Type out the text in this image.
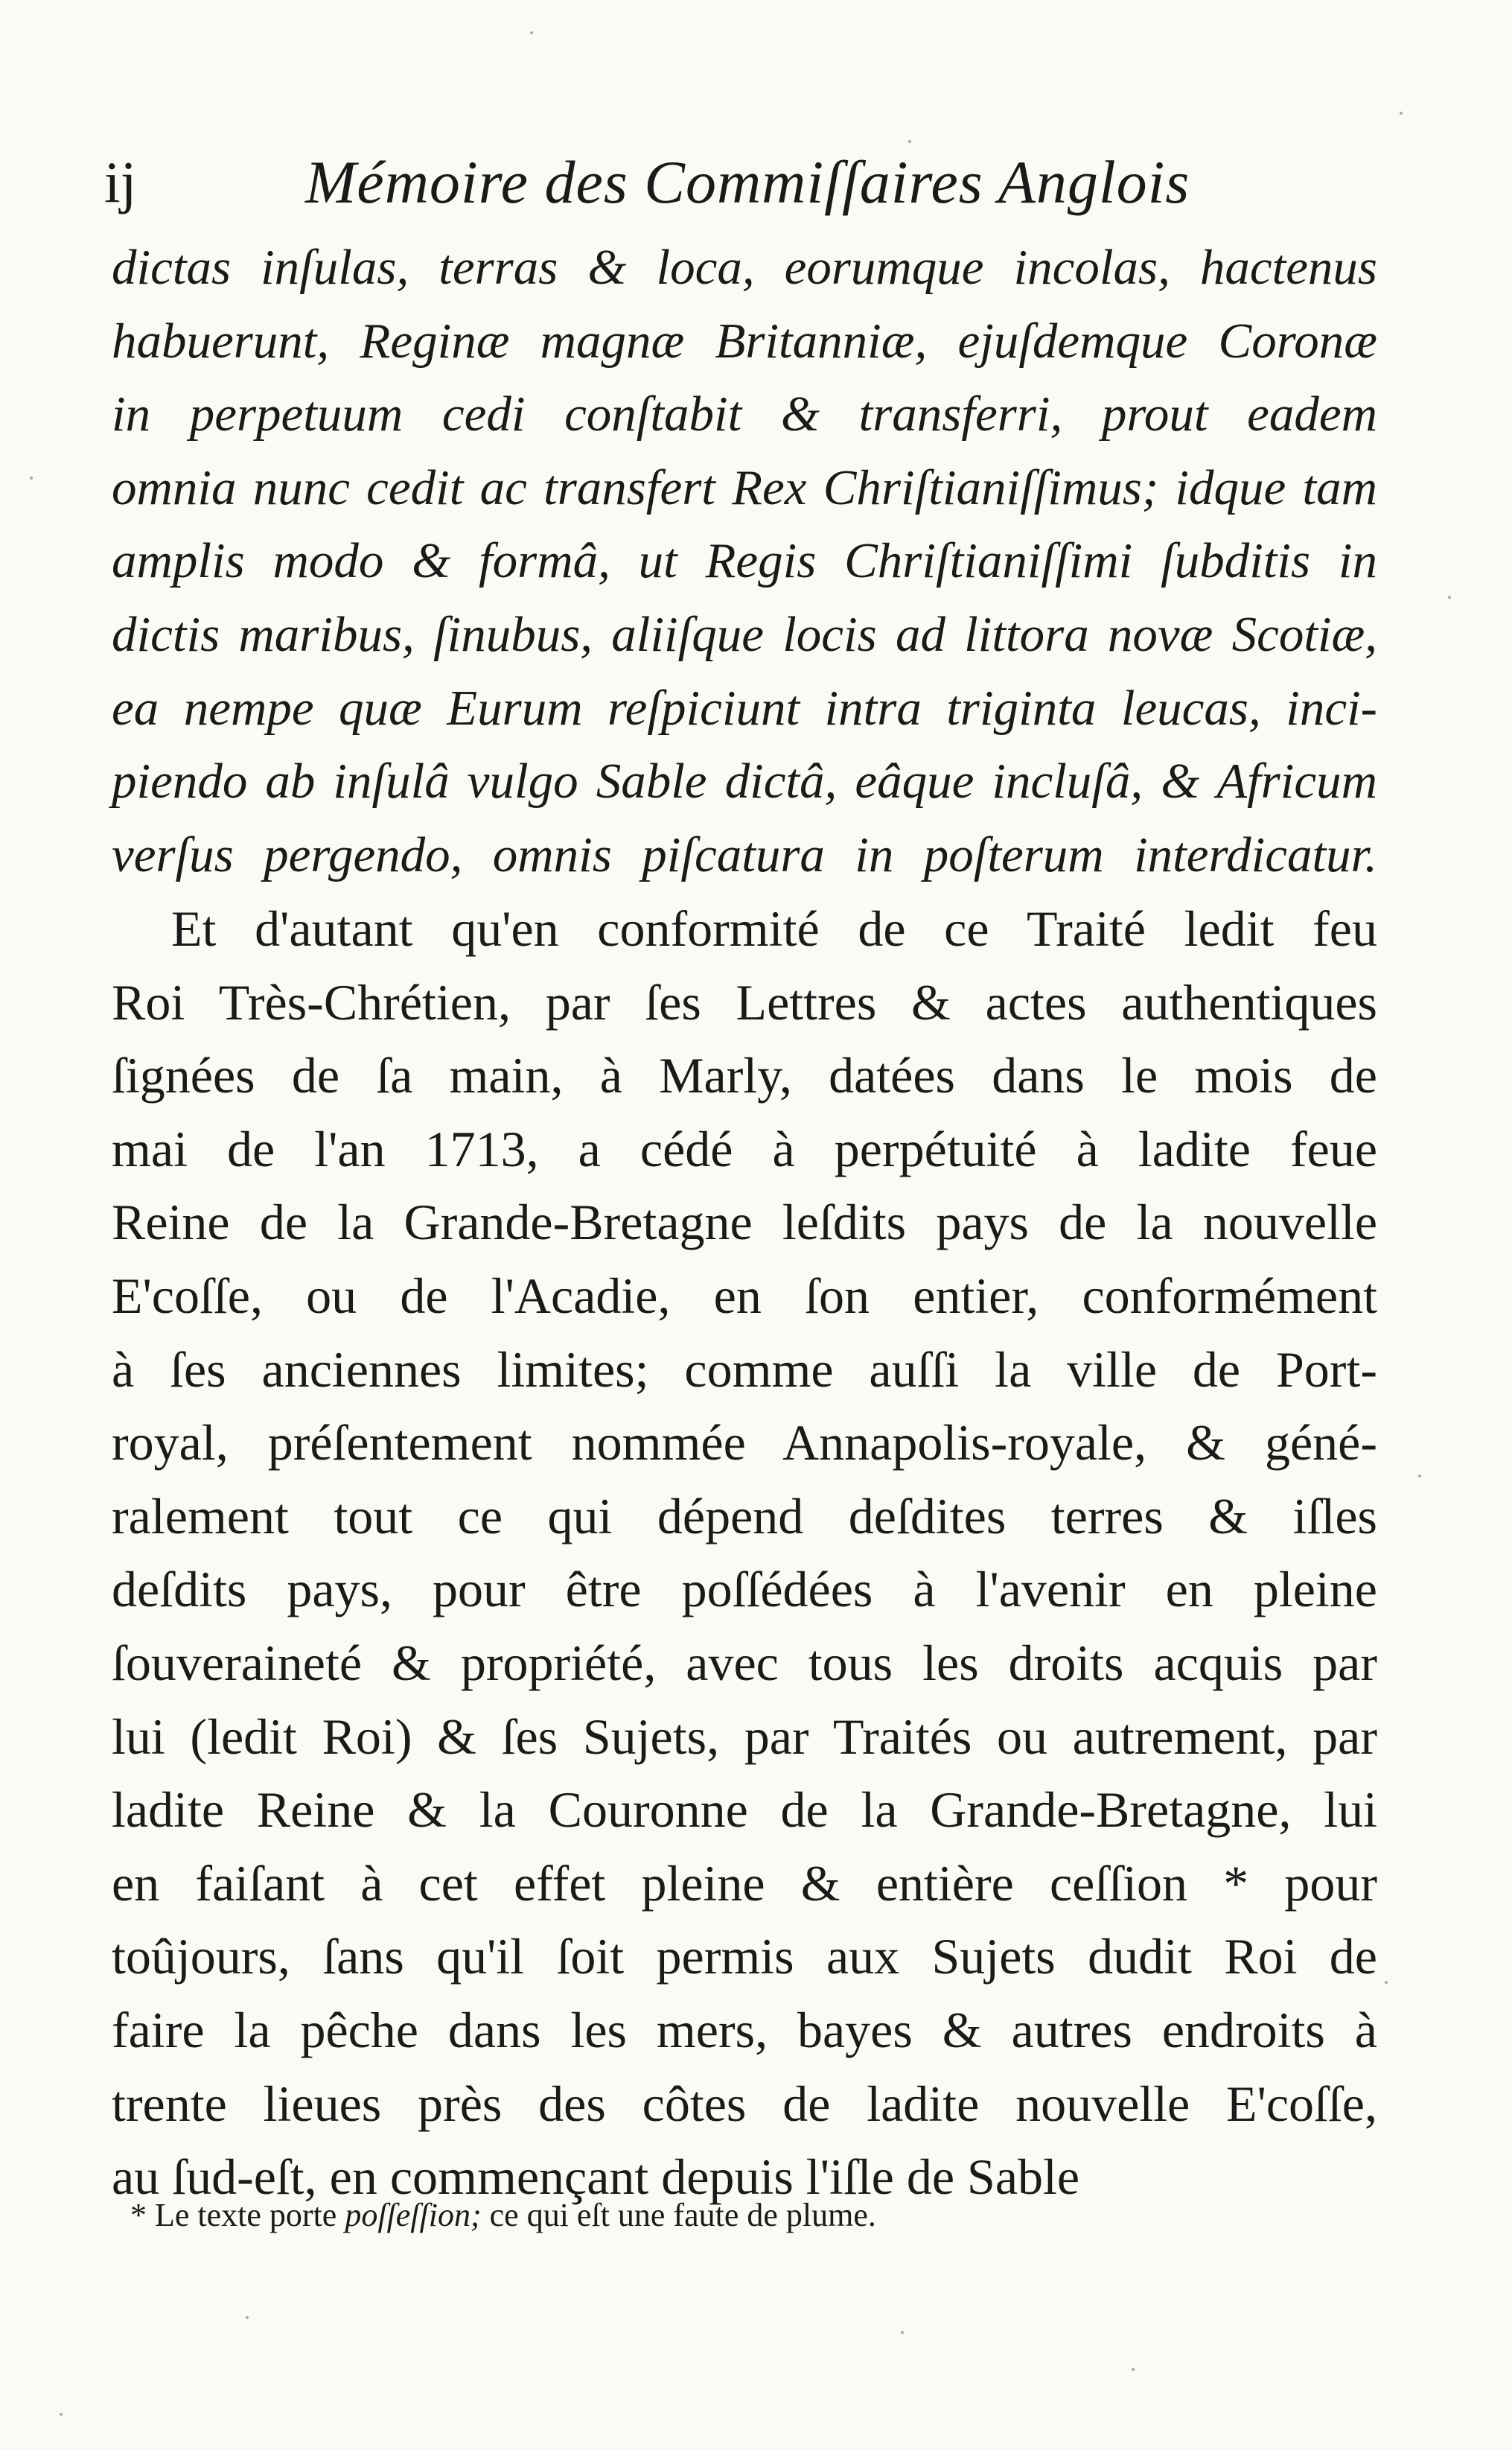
ij	Mémoire des Commiſſaires Anglois
dictas inſulas, terras & loca, eorumque incolas, hactenus
habuerunt, Reginæ magnæ Britanniæ, ejuſdemque Coronæ
in perpetuum cedi conſtabit & transferri, prout eadem
omnia nunc cedit ac transfert Rex Chriſtianiſſimus; idque tam
amplis modo & formâ, ut Regis Chriſtianiſſimi ſubditis in
dictis maribus, ſinubus, aliiſque locis ad littora novæ Scotiæ,
ea nempe quæ Eurum reſpiciunt intra triginta leucas, inci-
piendo ab inſulâ vulgo Sable dictâ, eâque incluſâ, & Africum
verſus pergendo, omnis piſcatura in poſterum interdicatur.
Et d'autant qu'en conformité de ce Traité ledit feu
Roi Très-Chrétien, par ſes Lettres & actes authentiques
ſignées de ſa main, à Marly, datées dans le mois de
mai de l'an 1713, a cédé à perpétuité à ladite feue
Reine de la Grande-Bretagne leſdits pays de la nouvelle
E'coſſe, ou de l'Acadie, en ſon entier, conformément
à ſes anciennes limites; comme auſſi la ville de Port-
royal, préſentement nommée Annapolis-royale, & géné-
ralement tout ce qui dépend deſdites terres & iſles
deſdits pays, pour être poſſédées à l'avenir en pleine
ſouveraineté & propriété, avec tous les droits acquis par
lui (ledit Roi) & ſes Sujets, par Traités ou autrement, par
ladite Reine & la Couronne de la Grande-Bretagne, lui
en faiſant à cet effet pleine & entière ceſſion * pour
toûjours, ſans qu'il ſoit permis aux Sujets dudit Roi de
faire la pêche dans les mers, bayes & autres endroits à
trente lieues près des côtes de ladite nouvelle E'coſſe,
au ſud-eſt, en commençant depuis l'iſle de Sable
* Le texte porte poſſeſſion; ce qui eſt une faute de plume.
